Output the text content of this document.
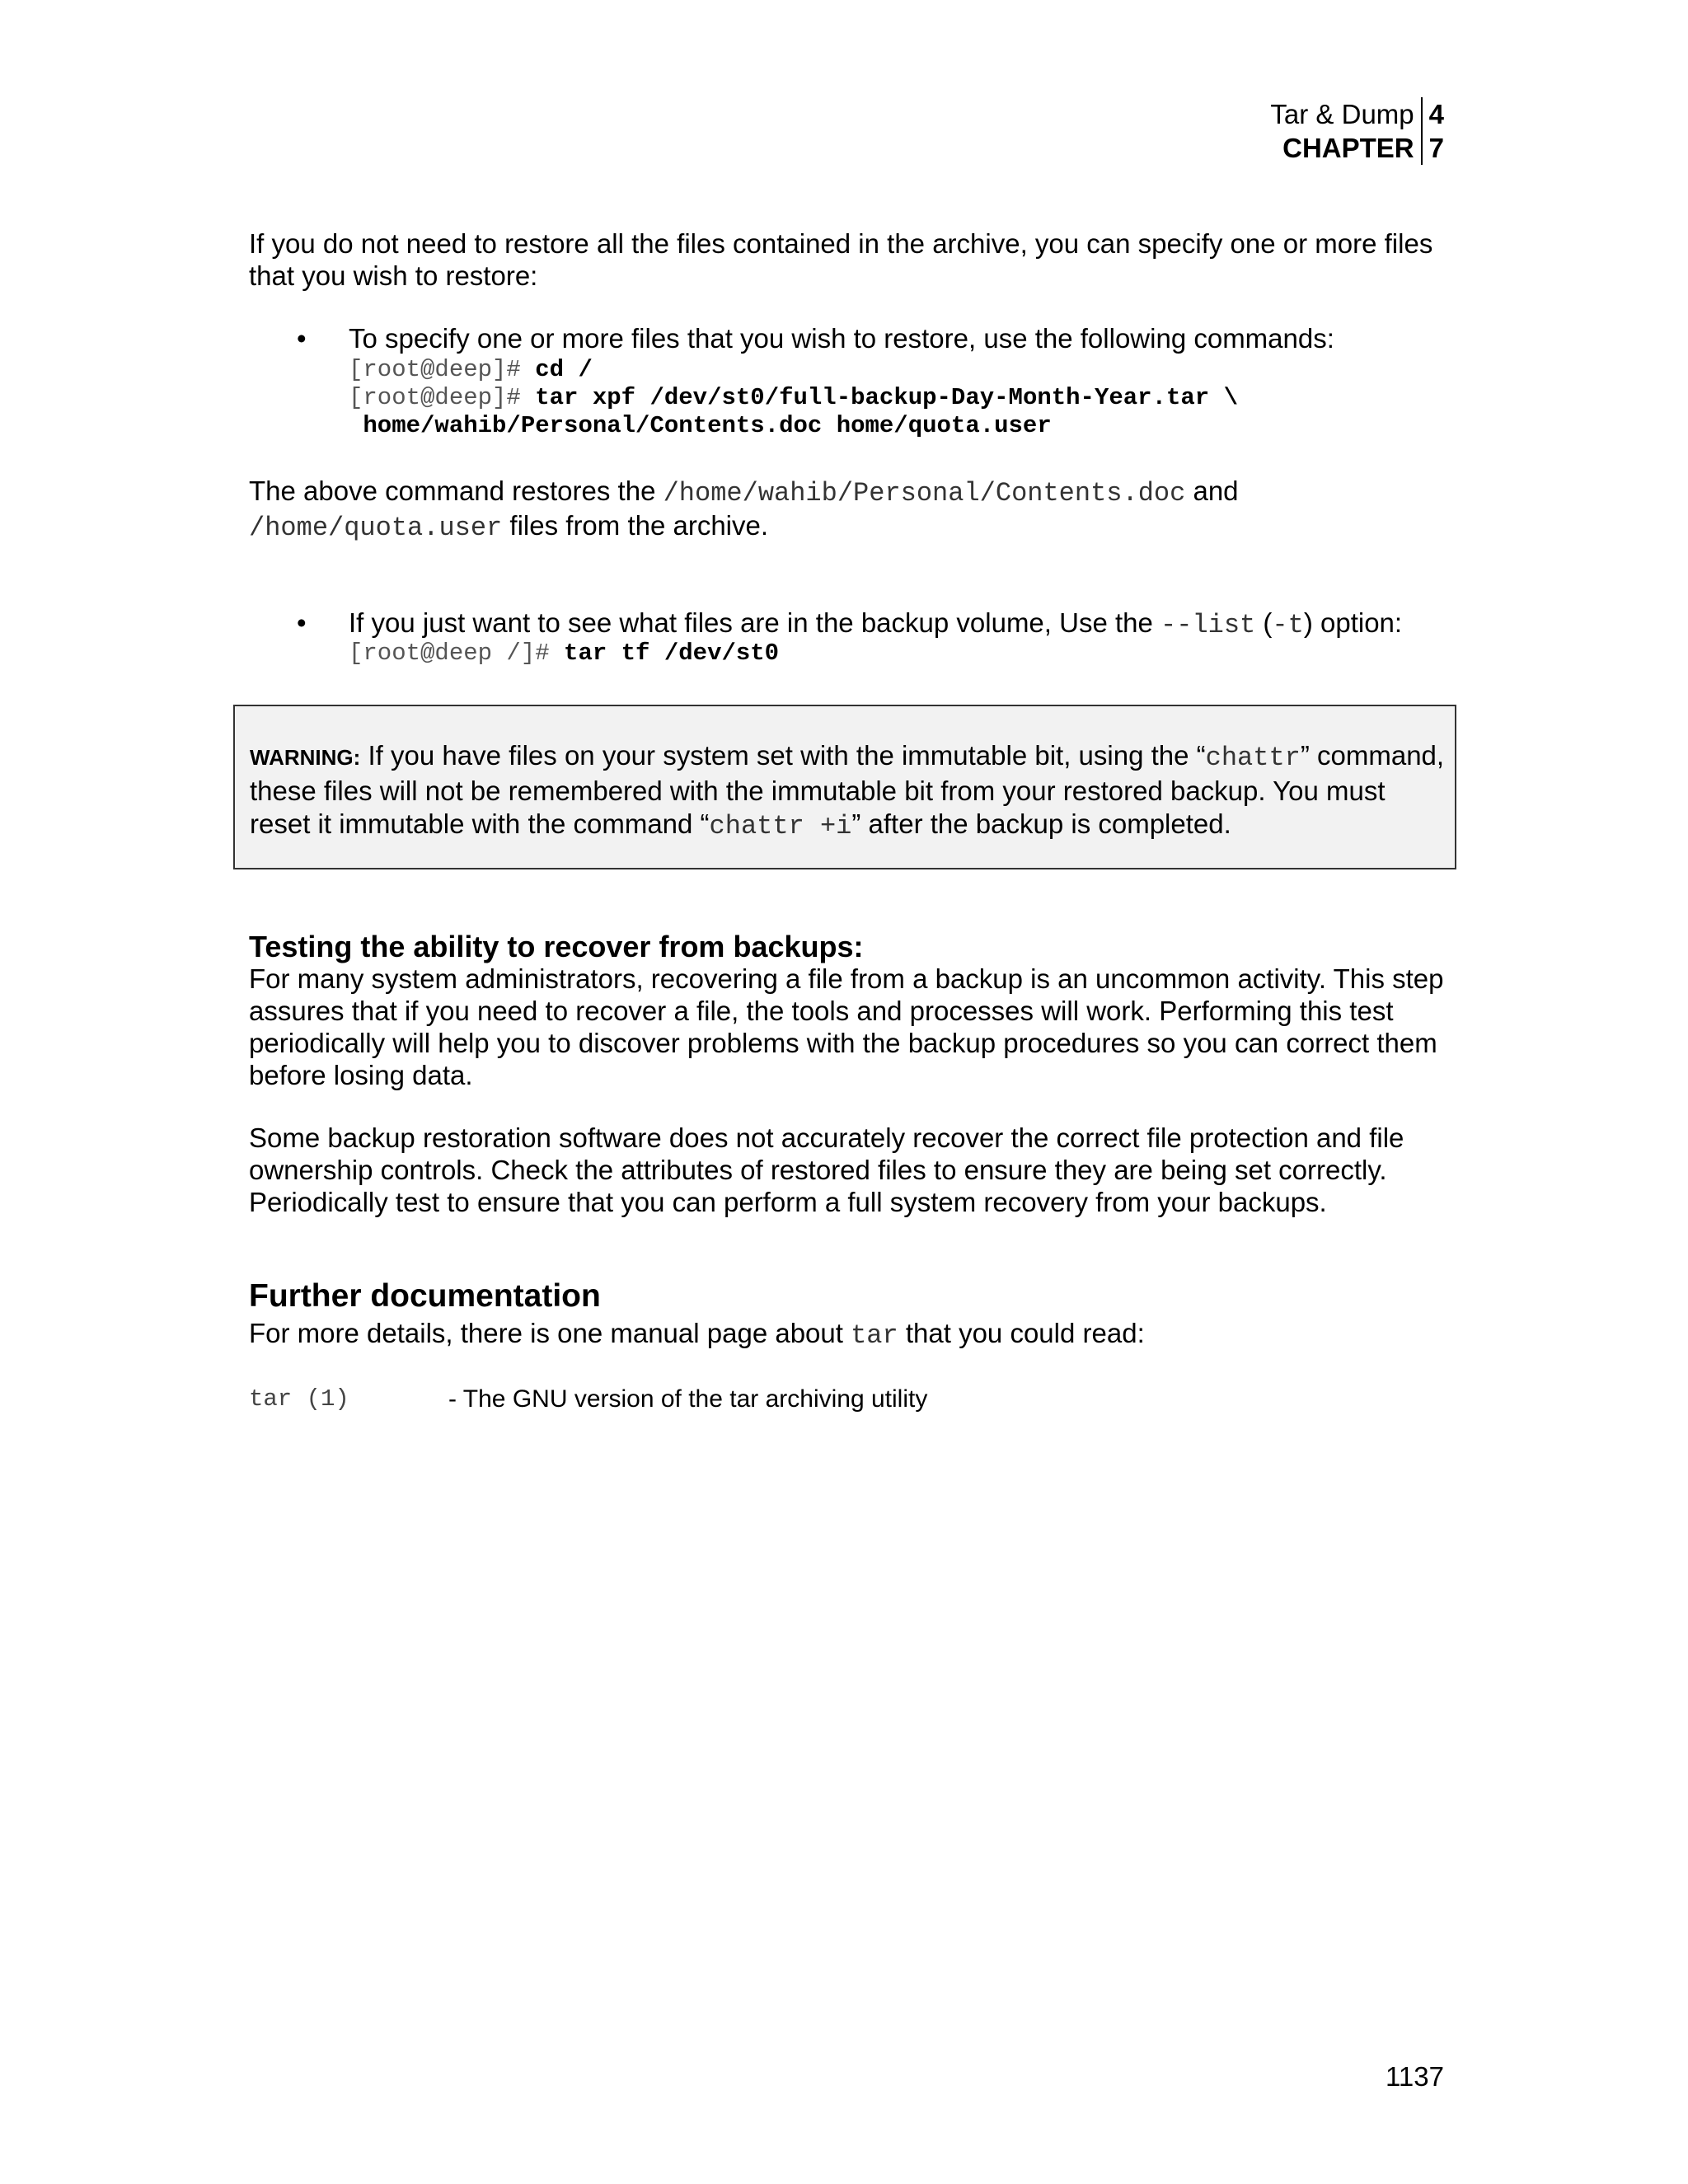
Tar & Dump
CHAPTER
4
7
If you do not need to restore all the files contained in the archive, you can specify one or more files that you wish to restore:
•	To specify one or more files that you wish to restore, use the following commands:
[root@deep]# cd /
[root@deep]# tar xpf /dev/st0/full-backup-Day-Month-Year.tar \
home/wahib/Personal/Contents.doc home/quota.user
The above command restores the /home/wahib/Personal/Contents.doc and
/home/quota.user files from the archive.
•	If you just want to see what files are in the backup volume, Use the --list (-t) option:
[root@deep /]# tar tf /dev/st0
WARNING: If you have files on your system set with the immutable bit, using the “chattr” command, these files will not be remembered with the immutable bit from your restored backup. You must reset it immutable with the command “chattr +i” after the backup is completed.
Testing the ability to recover from backups:
For many system administrators, recovering a file from a backup is an uncommon activity. This step assures that if you need to recover a file, the tools and processes will work. Performing this test periodically will help you to discover problems with the backup procedures so you can correct them before losing data.
Some backup restoration software does not accurately recover the correct file protection and file ownership controls. Check the attributes of restored files to ensure they are being set correctly. Periodically test to ensure that you can perform a full system recovery from your backups.
Further documentation
For more details, there is one manual page about tar that you could read:
tar (1)	- The GNU version of the tar archiving utility
1137
